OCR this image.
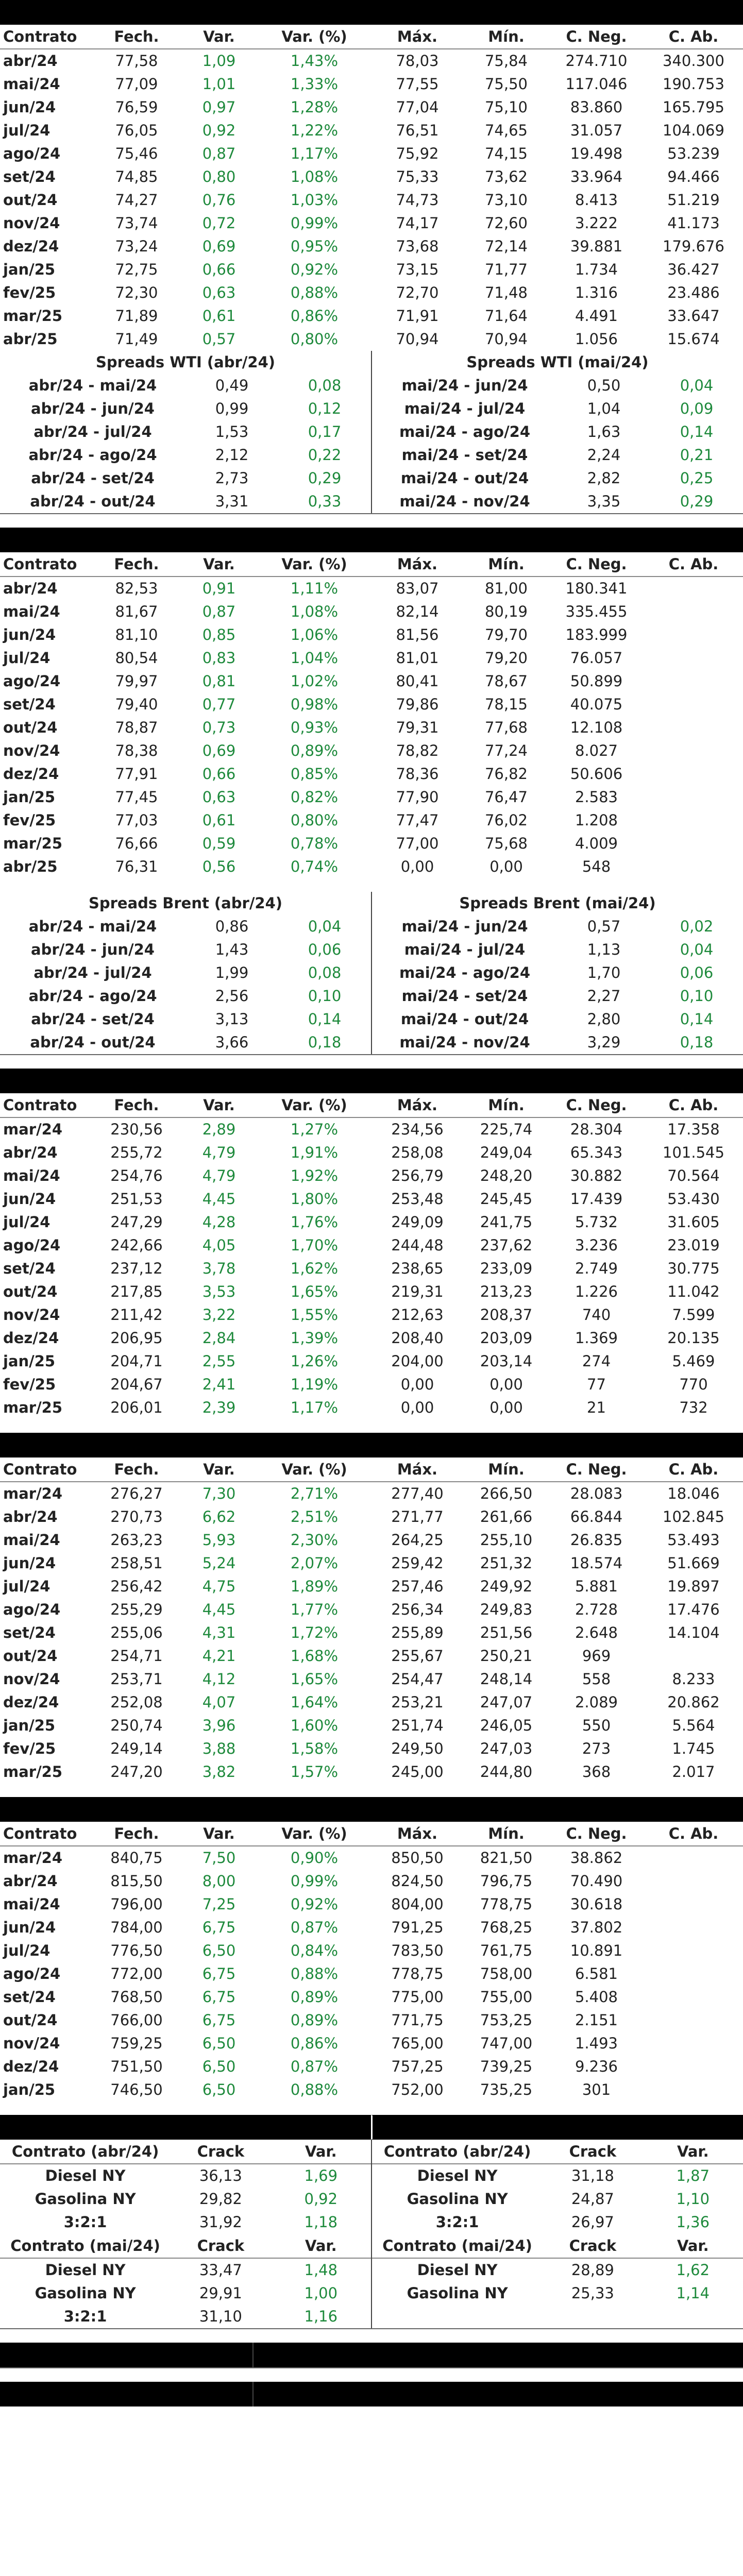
Contrato	Fech.	Var.	Var. (%)	Máx.	Mín.	C. Neg.	C. Ab.
abr/24	77,58	1,09	1,43%	78,03	75,84	274.710	340.300
mai/24	77,09	1,01	1,33%	77,55	75,50	117.046	190.753
jun/24	76,59	0,97	1,28%	77,04	75,10	83.860	165.795
jul/24	76,05	0,92	1,22%	76,51	74,65	31.057	104.069
ago/24	75,46	0,87	1,17%	75,92	74,15	19.498	53.239
set/24	74,85	0,80	1,08%	75,33	73,62	33.964	94.466
out/24	74,27	0,76	1,03%	74,73	73,10	8.413	51.219
nov/24	73,74	0,72	0,99%	74,17	72,60	3.222	41.173
dez/24	73,24	0,69	0,95%	73,68	72,14	39.881	179.676
jan/25	72,75	0,66	0,92%	73,15	71,77	1.734	36.427
fev/25	72,30	0,63	0,88%	72,70	71,48	1.316	23.486
mar/25	71,89	0,61	0,86%	71,91	71,64	4.491	33.647
abr/25	71,49	0,57	0,80%	70,94	70,94	1.056	15.674
Spreads WTI (abr/24)		
abr/24 - mai/24	0,49	0,08
abr/24 - jun/24	0,99	0,12
abr/24 - jul/24	1,53	0,17
abr/24 - ago/24	2,12	0,22
abr/24 - set/24	2,73	0,29
abr/24 - out/24	3,31	0,33
Spreads WTI (mai/24)		
mai/24 - jun/24	0,50	0,04
mai/24 - jul/24	1,04	0,09
mai/24 - ago/24	1,63	0,14
mai/24 - set/24	2,24	0,21
mai/24 - out/24	2,82	0,25
mai/24 - nov/24	3,35	0,29
Contrato	Fech.	Var.	Var. (%)	Máx.	Mín.	C. Neg.	C. Ab.
abr/24	82,53	0,91	1,11%	83,07	81,00	180.341	
mai/24	81,67	0,87	1,08%	82,14	80,19	335.455	
jun/24	81,10	0,85	1,06%	81,56	79,70	183.999	
jul/24	80,54	0,83	1,04%	81,01	79,20	76.057	
ago/24	79,97	0,81	1,02%	80,41	78,67	50.899	
set/24	79,40	0,77	0,98%	79,86	78,15	40.075	
out/24	78,87	0,73	0,93%	79,31	77,68	12.108	
nov/24	78,38	0,69	0,89%	78,82	77,24	8.027	
dez/24	77,91	0,66	0,85%	78,36	76,82	50.606	
jan/25	77,45	0,63	0,82%	77,90	76,47	2.583	
fev/25	77,03	0,61	0,80%	77,47	76,02	1.208	
mar/25	76,66	0,59	0,78%	77,00	75,68	4.009	
abr/25	76,31	0,56	0,74%	0,00	0,00	548	
Spreads Brent (abr/24)		
abr/24 - mai/24	0,86	0,04
abr/24 - jun/24	1,43	0,06
abr/24 - jul/24	1,99	0,08
abr/24 - ago/24	2,56	0,10
abr/24 - set/24	3,13	0,14
abr/24 - out/24	3,66	0,18
Spreads Brent (mai/24)		
mai/24 - jun/24	0,57	0,02
mai/24 - jul/24	1,13	0,04
mai/24 - ago/24	1,70	0,06
mai/24 - set/24	2,27	0,10
mai/24 - out/24	2,80	0,14
mai/24 - nov/24	3,29	0,18
Contrato	Fech.	Var.	Var. (%)	Máx.	Mín.	C. Neg.	C. Ab.
mar/24	230,56	2,89	1,27%	234,56	225,74	28.304	17.358
abr/24	255,72	4,79	1,91%	258,08	249,04	65.343	101.545
mai/24	254,76	4,79	1,92%	256,79	248,20	30.882	70.564
jun/24	251,53	4,45	1,80%	253,48	245,45	17.439	53.430
jul/24	247,29	4,28	1,76%	249,09	241,75	5.732	31.605
ago/24	242,66	4,05	1,70%	244,48	237,62	3.236	23.019
set/24	237,12	3,78	1,62%	238,65	233,09	2.749	30.775
out/24	217,85	3,53	1,65%	219,31	213,23	1.226	11.042
nov/24	211,42	3,22	1,55%	212,63	208,37	740	7.599
dez/24	206,95	2,84	1,39%	208,40	203,09	1.369	20.135
jan/25	204,71	2,55	1,26%	204,00	203,14	274	5.469
fev/25	204,67	2,41	1,19%	0,00	0,00	77	770
mar/25	206,01	2,39	1,17%	0,00	0,00	21	732
Contrato	Fech.	Var.	Var. (%)	Máx.	Mín.	C. Neg.	C. Ab.
mar/24	276,27	7,30	2,71%	277,40	266,50	28.083	18.046
abr/24	270,73	6,62	2,51%	271,77	261,66	66.844	102.845
mai/24	263,23	5,93	2,30%	264,25	255,10	26.835	53.493
jun/24	258,51	5,24	2,07%	259,42	251,32	18.574	51.669
jul/24	256,42	4,75	1,89%	257,46	249,92	5.881	19.897
ago/24	255,29	4,45	1,77%	256,34	249,83	2.728	17.476
set/24	255,06	4,31	1,72%	255,89	251,56	2.648	14.104
out/24	254,71	4,21	1,68%	255,67	250,21	969	
nov/24	253,71	4,12	1,65%	254,47	248,14	558	8.233
dez/24	252,08	4,07	1,64%	253,21	247,07	2.089	20.862
jan/25	250,74	3,96	1,60%	251,74	246,05	550	5.564
fev/25	249,14	3,88	1,58%	249,50	247,03	273	1.745
mar/25	247,20	3,82	1,57%	245,00	244,80	368	2.017
Contrato	Fech.	Var.	Var. (%)	Máx.	Mín.	C. Neg.	C. Ab.
mar/24	840,75	7,50	0,90%	850,50	821,50	38.862	
abr/24	815,50	8,00	0,99%	824,50	796,75	70.490	
mai/24	796,00	7,25	0,92%	804,00	778,75	30.618	
jun/24	784,00	6,75	0,87%	791,25	768,25	37.802	
jul/24	776,50	6,50	0,84%	783,50	761,75	10.891	
ago/24	772,00	6,75	0,88%	778,75	758,00	6.581	
set/24	768,50	6,75	0,89%	775,00	755,00	5.408	
out/24	766,00	6,75	0,89%	771,75	753,25	2.151	
nov/24	759,25	6,50	0,86%	765,00	747,00	1.493	
dez/24	751,50	6,50	0,87%	757,25	739,25	9.236	
jan/25	746,50	6,50	0,88%	752,00	735,25	301	
Contrato (abr/24)	Crack	Var.
Diesel NY	36,13	1,69
Gasolina NY	29,82	0,92
3:2:1	31,92	1,18
Contrato (mai/24)	Crack	Var.
Diesel NY	33,47	1,48
Gasolina NY	29,91	1,00
3:2:1	31,10	1,16
Contrato (abr/24)	Crack	Var.
Diesel NY	31,18	1,87
Gasolina NY	24,87	1,10
3:2:1	26,97	1,36
Contrato (mai/24)	Crack	Var.
Diesel NY	28,89	1,62
Gasolina NY	25,33	1,14
